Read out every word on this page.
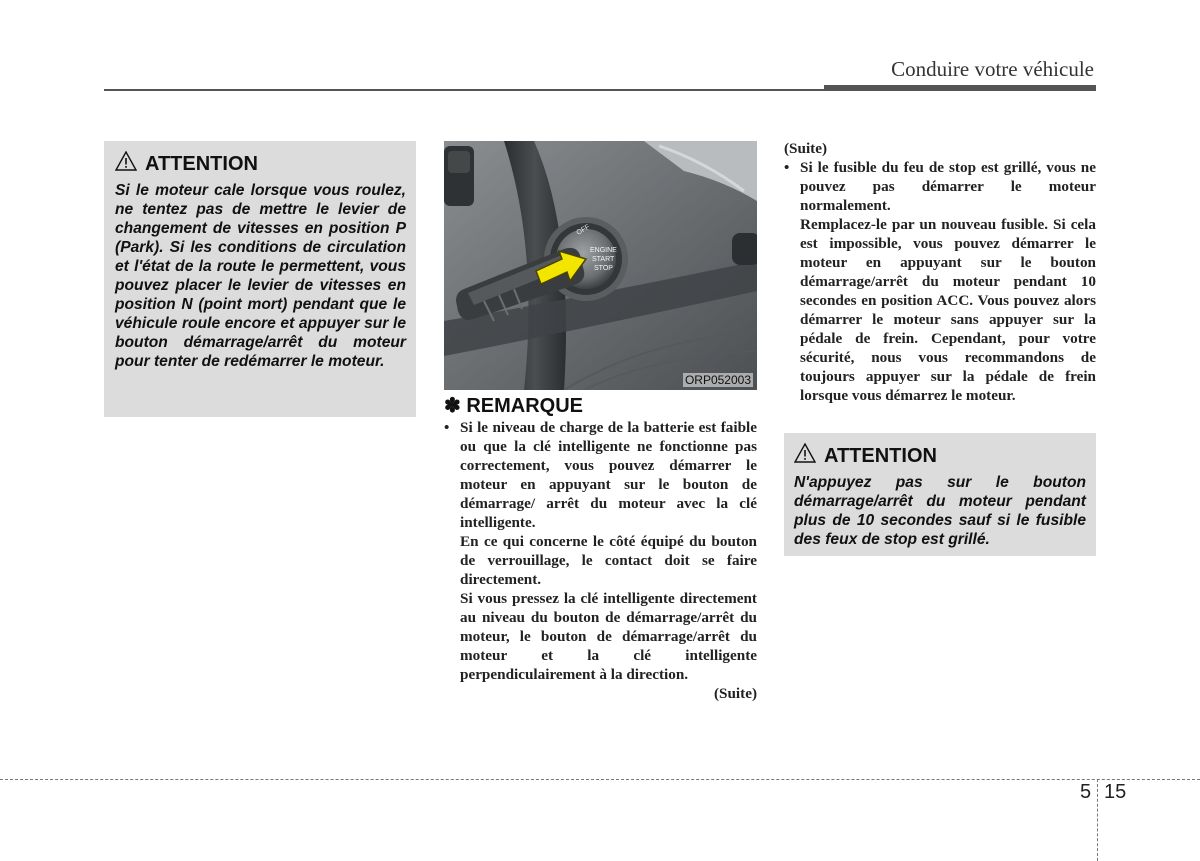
Conduire votre véhicule
ATTENTION
Si le moteur cale lorsque vous roulez, ne tentez pas de mettre le levier de changement de vitesses en position P (Park). Si les conditions de circulation et l'état de la route le permettent, vous pouvez placer le levier de vitesses en position N (point mort) pendant que le véhicule roule encore et appuyer sur le bouton démarrage/arrêt du moteur pour tenter de redémarrer le moteur.
OFF
ENGINE
START
STOP
ORP052003
✽ REMARQUE
• Si le niveau de charge de la batterie est faible ou que la clé intelligente ne fonctionne pas correctement, vous pouvez démarrer le moteur en appuyant sur le bouton de démarrage/ arrêt du moteur avec la clé intelligente.
En ce qui concerne le côté équipé du bouton de verrouillage, le contact doit se faire directement.
Si vous pressez la clé intelligente directement au niveau du bouton de démarrage/arrêt du moteur, le bouton de démarrage/arrêt du moteur et la clé intelligente perpendiculairement à la direction.
(Suite)
(Suite)
• Si le fusible du feu de stop est grillé, vous ne pouvez pas démarrer le moteur normalement.
Remplacez-le par un nouveau fusible. Si cela est impossible, vous pouvez démarrer le moteur en appuyant sur le bouton démarrage/arrêt du moteur pendant 10 secondes en position ACC. Vous pouvez alors démarrer le moteur sans appuyer sur la pédale de frein. Cependant, pour votre sécurité, nous vous recommandons de toujours appuyer sur la pédale de frein lorsque vous démarrez le moteur.
ATTENTION
N'appuyez pas sur le bouton démarrage/arrêt du moteur pendant plus de 10 secondes sauf si le fusible des feux de stop est grillé.
5 15
